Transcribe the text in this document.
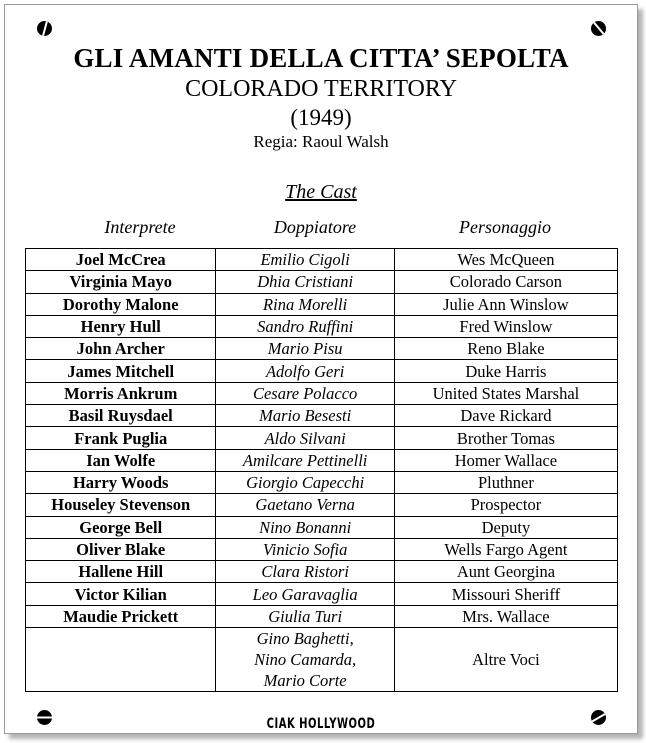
GLI AMANTI DELLA CITTA’ SEPOLTA
COLORADO TERRITORY
(1949)
Regia: Raoul Walsh
The Cast
Interprete	Doppiatore	Personaggio
Joel McCrea	Emilio Cigoli	Wes McQueen
Virginia Mayo	Dhia Cristiani	Colorado Carson
Dorothy Malone	Rina Morelli	Julie Ann Winslow
Henry Hull	Sandro Ruffini	Fred Winslow
John Archer	Mario Pisu	Reno Blake
James Mitchell	Adolfo Geri	Duke Harris
Morris Ankrum	Cesare Polacco	United States Marshal
Basil Ruysdael	Mario Besesti	Dave Rickard
Frank Puglia	Aldo Silvani	Brother Tomas
Ian Wolfe	Amilcare Pettinelli	Homer Wallace
Harry Woods	Giorgio Capecchi	Pluthner
Houseley Stevenson	Gaetano Verna	Prospector
George Bell	Nino Bonanni	Deputy
Oliver Blake	Vinicio Sofia	Wells Fargo Agent
Hallene Hill	Clara Ristori	Aunt Georgina
Victor Kilian	Leo Garavaglia	Missouri Sheriff
Maudie Prickett	Giulia Turi	Mrs. Wallace

	Gino Baghetti,
Nino Camarda,
Mario Corte	Altre Voci
CIAK HOLLYWOOD
